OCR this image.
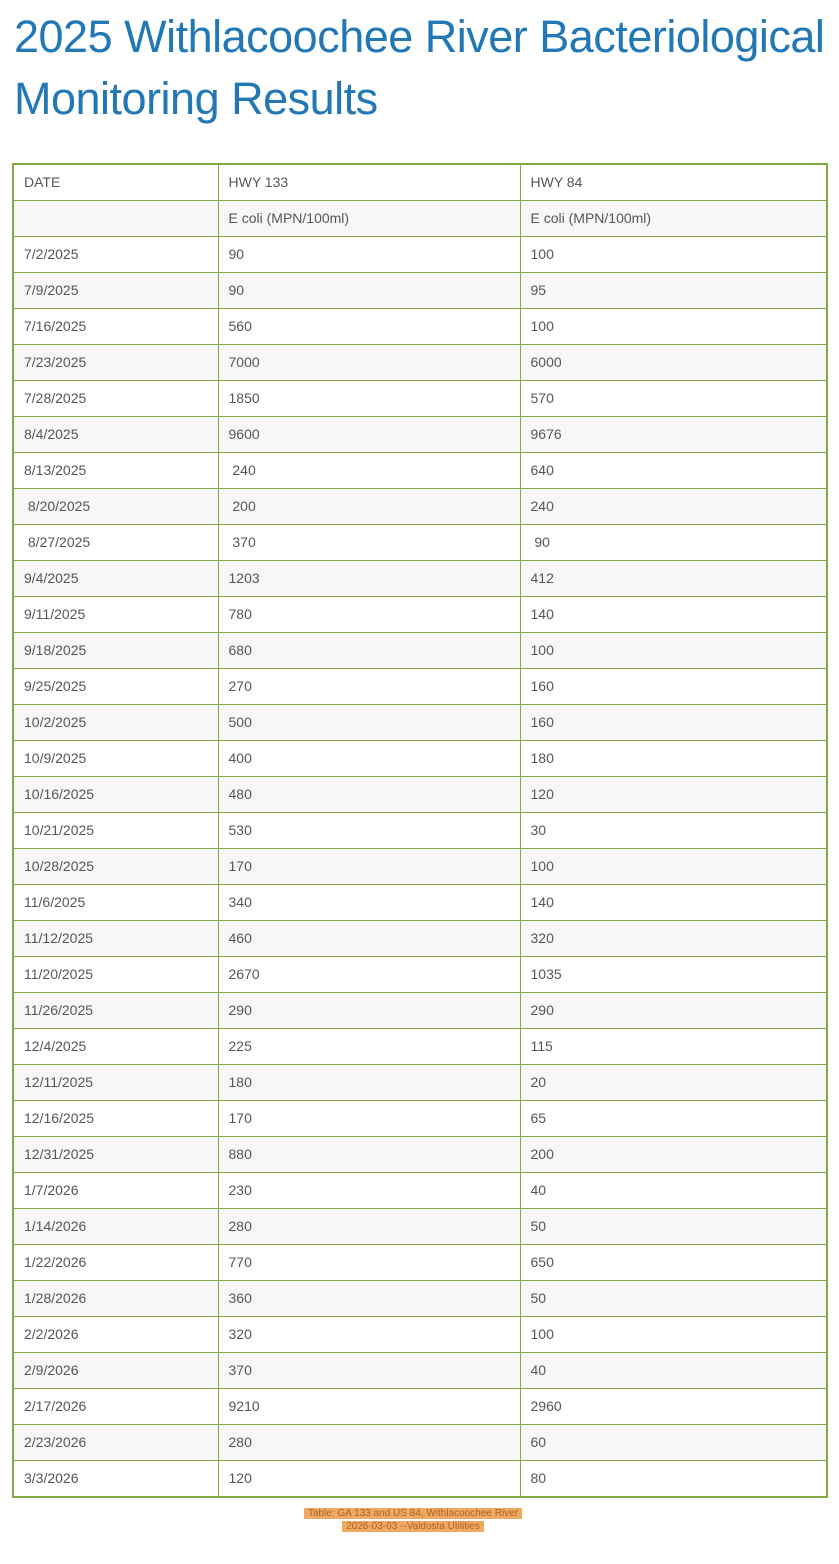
2025 Withlacoochee River Bacteriological
Monitoring Results
DATE	HWY 133	HWY 84
	E coli (MPN/100ml)	E coli (MPN/100ml)
7/2/2025	90	100
7/9/2025	90	95
7/16/2025	560	100
7/23/2025	7000	6000
7/28/2025	1850	570
8/4/2025	9600	9676
8/13/2025	240	640
8/20/2025	200	240
8/27/2025	370	90
9/4/2025	1203	412
9/11/2025	780	140
9/18/2025	680	100
9/25/2025	270	160
10/2/2025	500	160
10/9/2025	400	180
10/16/2025	480	120
10/21/2025	530	30
10/28/2025	170	100
11/6/2025	340	140
11/12/2025	460	320
11/20/2025	2670	1035
11/26/2025	290	290
12/4/2025	225	115
12/11/2025	180	20
12/16/2025	170	65
12/31/2025	880	200
1/7/2026	230	40
1/14/2026	280	50
1/22/2026	770	650
1/28/2026	360	50
2/2/2026	320	100
2/9/2026	370	40
2/17/2026	9210	2960
2/23/2026	280	60
3/3/2026	120	80
Table: GA 133 and US 84, Withlacoochee River
2026-03-03 --Valdosta Utilities
